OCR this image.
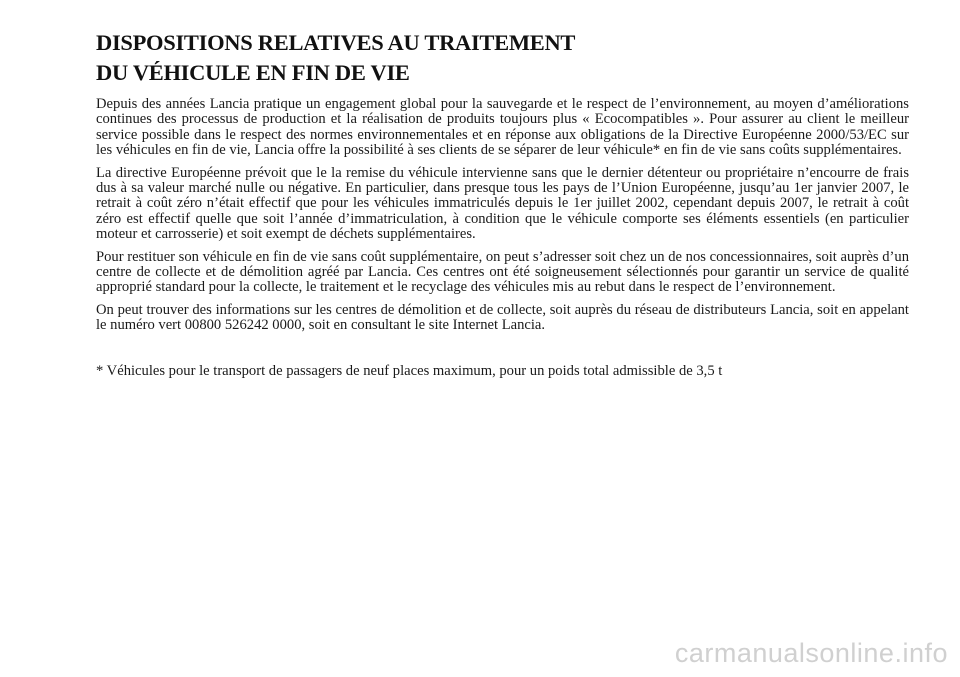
DISPOSITIONS RELATIVES AU TRAITEMENT
DU VÉHICULE EN FIN DE VIE

Depuis des années Lancia pratique un engagement global pour la sauvegarde et le respect de l’environnement, au moyen d’améliorations continues des processus de production et la réalisation de produits toujours plus « Ecocompatibles ». Pour assurer au client le meilleur service possible dans le respect des normes environnementales et en réponse aux obligations de la Directive Européenne 2000/53/EC sur les véhicules en fin de vie, Lancia offre la possibilité à ses clients de se séparer de leur véhicule* en fin de vie sans coûts supplémentaires.

La directive Européenne prévoit que le la remise du véhicule intervienne sans que le dernier détenteur ou propriétaire n’encourre de frais dus à sa valeur marché nulle ou négative. En particulier, dans presque tous les pays de l’Union Européenne, jusqu’au 1er janvier 2007, le retrait à coût zéro n’était effectif que pour les véhicules immatriculés depuis le 1er juillet 2002, cependant depuis 2007, le retrait à coût zéro est effectif quelle que soit l’année d’immatriculation, à condition que le véhicule comporte ses éléments essentiels (en particulier moteur et carrosserie) et soit exempt de déchets supplémentaires.

Pour restituer son véhicule en fin de vie sans coût supplémentaire, on peut s’adresser soit chez un de nos concessionnaires, soit auprès d’un centre de collecte et de démolition agréé par Lancia. Ces centres ont été soigneusement sélectionnés pour garantir un service de qualité approprié standard pour la collecte, le traitement et le recyclage des véhicules mis au rebut dans le respect de l’environnement.

On peut trouver des informations sur les centres de démolition et de collecte, soit auprès du réseau de distributeurs Lancia, soit en appelant le numéro vert 00800 526242 0000, soit en consultant le site Internet Lancia.

* Véhicules pour le transport de passagers de neuf places maximum, pour un poids total admissible de 3,5 t

carmanualsonline.info
